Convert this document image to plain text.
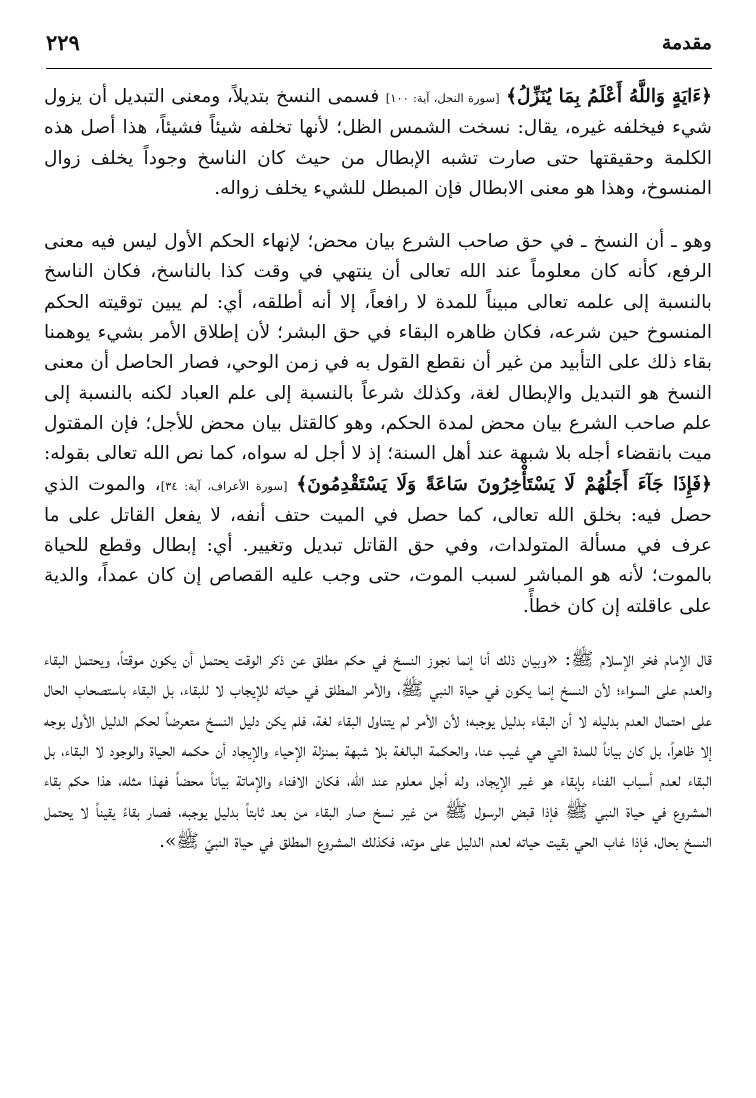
مقدمة
٢٢٩

﴿ءَايَةٍ وَاللَّهُ أَعْلَمُ بِمَا يُنَزِّلُ﴾ [سورة النحل، آية: ١٠٠] فسمى النسخ بتديلاً، ومعنى التبديل أن يزول شيء فيخلفه غيره، يقال: نسخت الشمس الظل؛ لأنها تخلفه شيئاً فشيئاً، هذا أصل هذه الكلمة وحقيقتها حتى صارت تشبه الإبطال من حيث كان الناسخ وجوداً يخلف زوال المنسوخ، وهذا هو معنى الابطال فإن المبطل للشيء يخلف زواله.

وهو ـ أن النسخ ـ في حق صاحب الشرع بيان محض؛ لإنهاء الحكم الأول ليس فيه معنى الرفع، كأنه كان معلوماً عند الله تعالى أن ينتهي في وقت كذا بالناسخ، فكان الناسخ بالنسبة إلى علمه تعالى مبيناً للمدة لا رافعاً، إلا أنه أطلقه، أي: لم يبين توقيته الحكم المنسوخ حين شرعه، فكان ظاهره البقاء في حق البشر؛ لأن إطلاق الأمر بشيء يوهمنا بقاء ذلك على التأبيد من غير أن نقطع القول به في زمن الوحي، فصار الحاصل أن معنى النسخ هو التبديل والإبطال لغة، وكذلك شرعاً بالنسبة إلى علم العباد لكنه بالنسبة إلى علم صاحب الشرع بيان محض لمدة الحكم، وهو كالقتل بيان محض للأجل؛ فإن المقتول ميت بانقضاء أجله بلا شبهة عند أهل السنة؛ إذ لا أجل له سواه، كما نص الله تعالى بقوله: ﴿فَإِذَا جَآءَ أَجَلُهُمْ لَا يَسْتَأْخِرُونَ سَاعَةً وَلَا يَسْتَقْدِمُونَ﴾ [سورة الأعراف، آية: ٣٤]، والموت الذي حصل فيه: بخلق الله تعالى، كما حصل في الميت حتف أنفه، لا يفعل القاتل على ما عرف في مسألة المتولدات، وفي حق القاتل تبديل وتغيير. أي: إبطال وقطع للحياة بالموت؛ لأنه هو المباشر لسبب الموت، حتى وجب عليه القصاص إن كان عمداً، والدية على عاقلته إن كان خطأً.

قال الإمام فخر الإسلام ﷺ: «وبيان ذلك أنا إنما نجوز النسخ في حكم مطلق عن ذكر الوقت يحتمل أن يكون موقتاً، ويحتمل البقاء والعدم على السواء؛ لأن النسخ إنما يكون في حياة النبي ﷺ، والأمر المطلق في حياته للإيجاب لا للبقاء، بل البقاء باستصحاب الحال على احتمال العدم بدليله لا أن البقاء بدليل يوجبه؛ لأن الأمر لم يتناول البقاء لغة، فلم يكن دليل النسخ متعرضاً لحكم الدليل الأول بوجه إلا ظاهراً، بل كان بياناً للمدة التي هي غيب عنا، والحكمة البالغة بلا شبهة بمنزلة الإحياء والإيجاد أن حكمه الحياة والوجود لا البقاء، بل البقاء لعدم أسباب الفناء بإبقاء هو غير الإيجاد، وله أجل معلوم عند الله، فكان الافناء والإماتة بياناً محضاً فهذا مثله، هذا حكم بقاء المشروع في حياة النبي ﷺ فإذا قبض الرسول ﷺ من غير نسخ صار البقاء من بعد ثابتاً بدليل يوجبه، فصار بقاءً يقيناً لا يحتمل النسخ بحال، فإذا غاب الحي بقيت حياته لعدم الدليل على موته، فكذلك المشروع المطلق في حياة النبيّ ﷺ».
